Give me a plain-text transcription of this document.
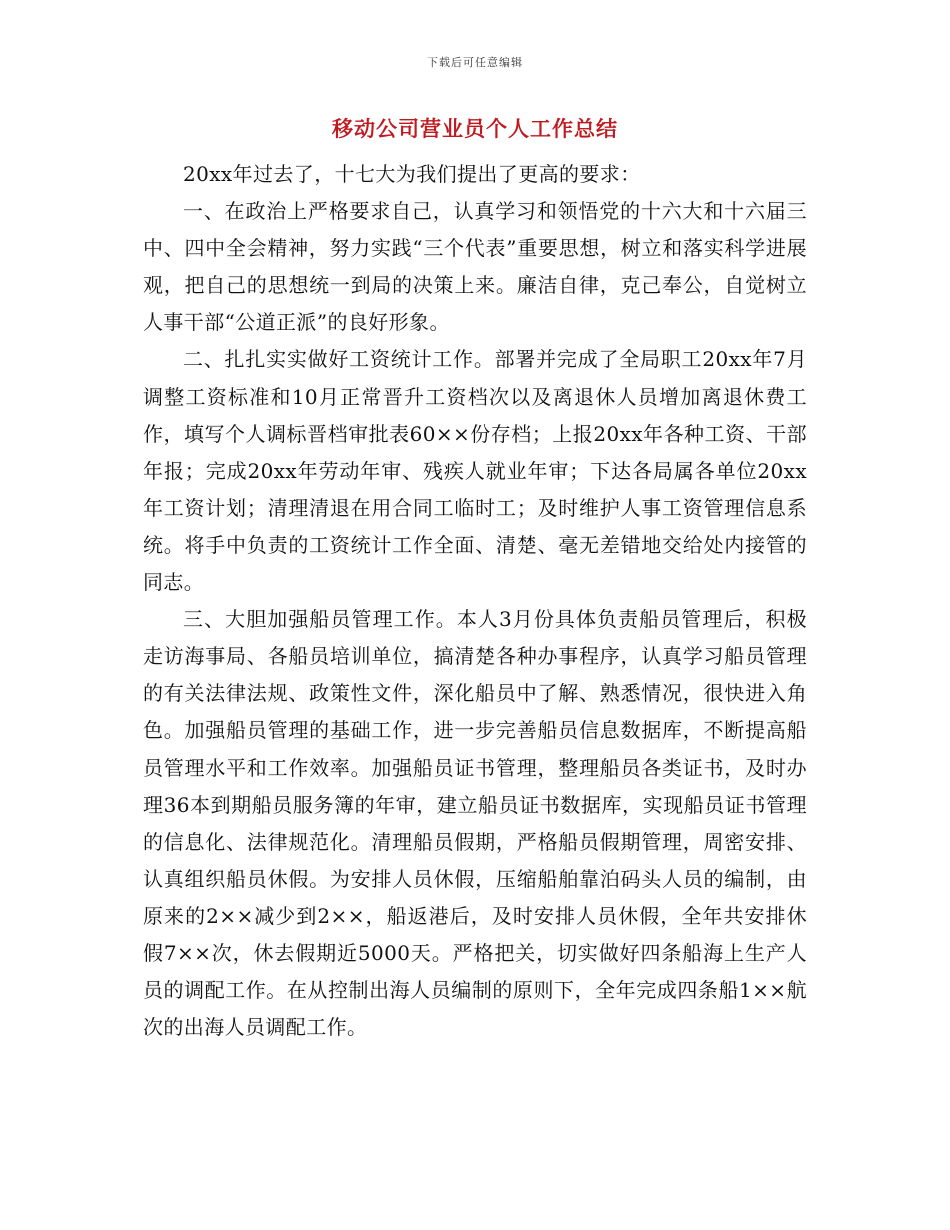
下载后可任意编辑
移动公司营业员个人工作总结

20xx年过去了，十七大为我们提出了更高的要求：

一、在政治上严格要求自己，认真学习和领悟党的十六大和十六届三中、四中全会精神，努力实践“三个代表”重要思想，树立和落实科学进展观，把自己的思想统一到局的决策上来。廉洁自律，克己奉公，自觉树立人事干部“公道正派”的良好形象。

二、扎扎实实做好工资统计工作。部署并完成了全局职工20xx年7月调整工资标准和10月正常晋升工资档次以及离退休人员增加离退休费工作，填写个人调标晋档审批表60××份存档；上报20xx年各种工资、干部年报；完成20xx年劳动年审、残疾人就业年审；下达各局属各单位20xx年工资计划；清理清退在用合同工临时工；及时维护人事工资管理信息系统。将手中负责的工资统计工作全面、清楚、毫无差错地交给处内接管的同志。

三、大胆加强船员管理工作。本人3月份具体负责船员管理后，积极走访海事局、各船员培训单位，搞清楚各种办事程序，认真学习船员管理的有关法律法规、政策性文件，深化船员中了解、熟悉情况，很快进入角色。加强船员管理的基础工作，进一步完善船员信息数据库，不断提高船员管理水平和工作效率。加强船员证书管理，整理船员各类证书，及时办理36本到期船员服务簿的年审，建立船员证书数据库，实现船员证书管理的信息化、法律规范化。清理船员假期，严格船员假期管理，周密安排、认真组织船员休假。为安排人员休假，压缩船舶靠泊码头人员的编制，由原来的2××减少到2××，船返港后，及时安排人员休假，全年共安排休假7××次，休去假期近5000天。严格把关，切实做好四条船海上生产人员的调配工作。在从控制出海人员编制的原则下，全年完成四条船1××航次的出海人员调配工作。
